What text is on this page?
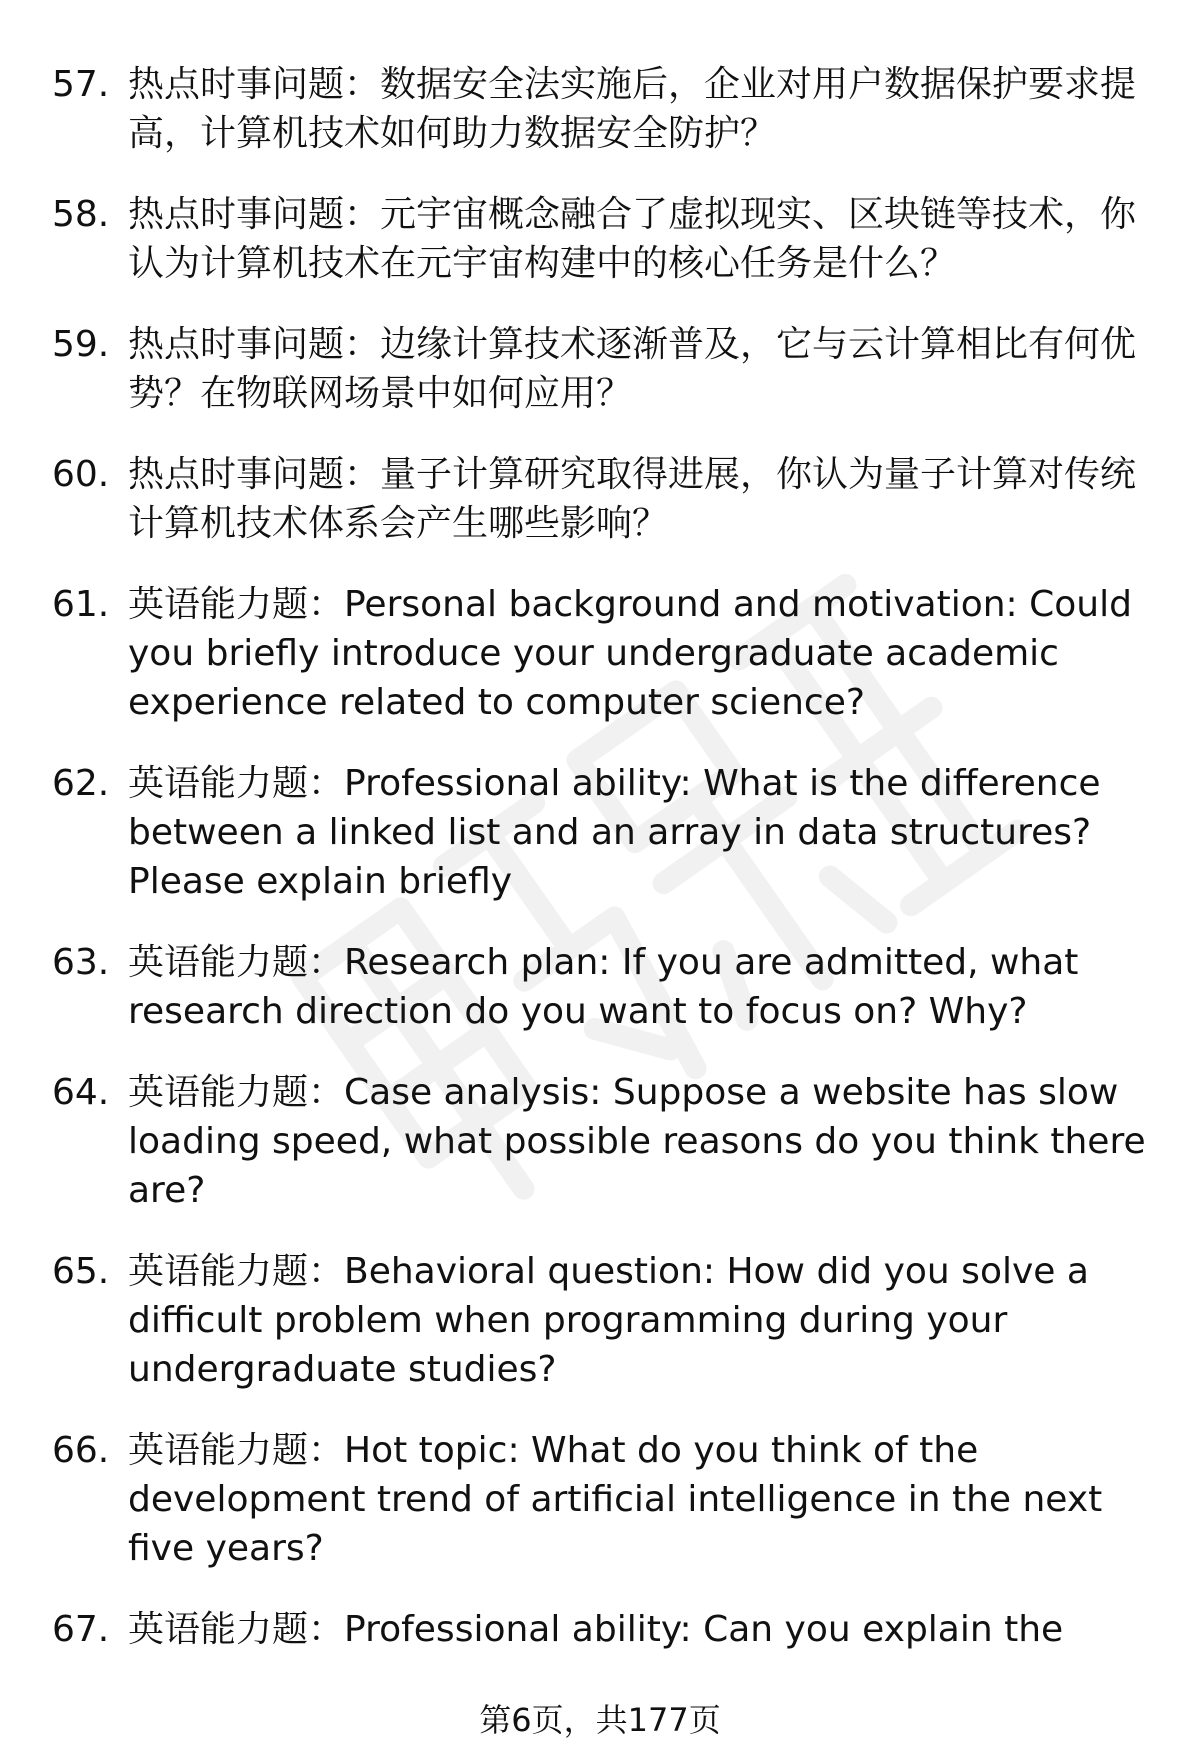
57. 热点时事问题：数据安全法实施后，企业对用户数据保护要求提高，计算机技术如何助力数据安全防护？
58. 热点时事问题：元宇宙概念融合了虚拟现实、区块链等技术，你认为计算机技术在元宇宙构建中的核心任务是什么？
59. 热点时事问题：边缘计算技术逐渐普及，它与云计算相比有何优势？在物联网场景中如何应用？
60. 热点时事问题：量子计算研究取得进展，你认为量子计算对传统计算机技术体系会产生哪些影响？
61. 英语能力题：Personal background and motivation: Could you briefly introduce your undergraduate academic experience related to computer science?
62. 英语能力题：Professional ability: What is the difference between a linked list and an array in data structures? Please explain briefly
63. 英语能力题：Research plan: If you are admitted, what research direction do you want to focus on? Why?
64. 英语能力题：Case analysis: Suppose a website has slow loading speed, what possible reasons do you think there are?
65. 英语能力题：Behavioral question: How did you solve a difficult problem when programming during your undergraduate studies?
66. 英语能力题：Hot topic: What do you think of the development trend of artificial intelligence in the next five years?
67. 英语能力题：Professional ability: Can you explain the
第6页，共177页
